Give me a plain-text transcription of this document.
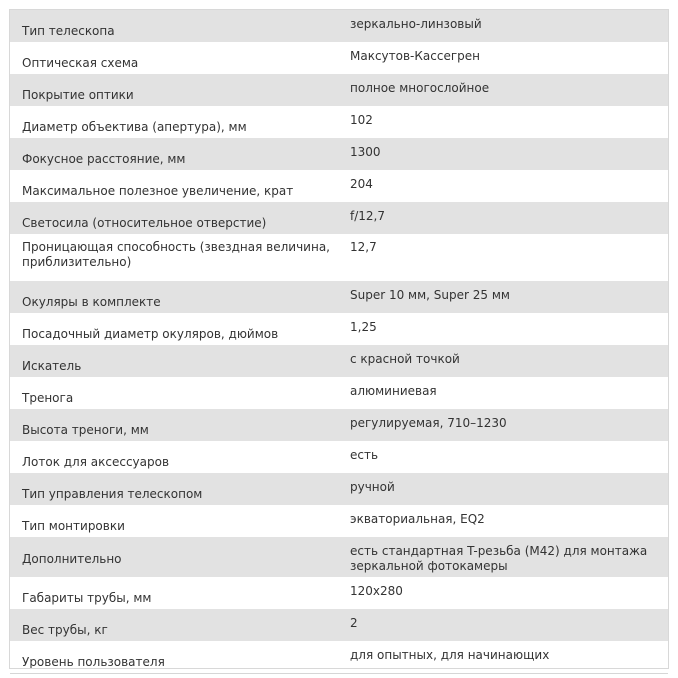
Тип телескопа	зеркально-линзовый
Оптическая схема	Максутов-Кассегрен
Покрытие оптики	полное многослойное
Диаметр объектива (апертура), мм	102
Фокусное расстояние, мм	1300
Максимальное полезное увеличение, крат	204
Светосила (относительное отверстие)	f/12,7
Проницающая способность (звездная величина, приблизительно)	12,7
Окуляры в комплекте	Super 10 мм, Super 25 мм
Посадочный диаметр окуляров, дюймов	1,25
Искатель	с красной точкой
Тренога	алюминиевая
Высота треноги, мм	регулируемая, 710–1230
Лоток для аксессуаров	есть
Тип управления телескопом	ручной
Тип монтировки	экваториальная, EQ2
Дополнительно	есть стандартная T-резьба (M42) для монтажа зеркальной фотокамеры
Габариты трубы, мм	120x280
Вес трубы, кг	2
Уровень пользователя	для опытных, для начинающих
